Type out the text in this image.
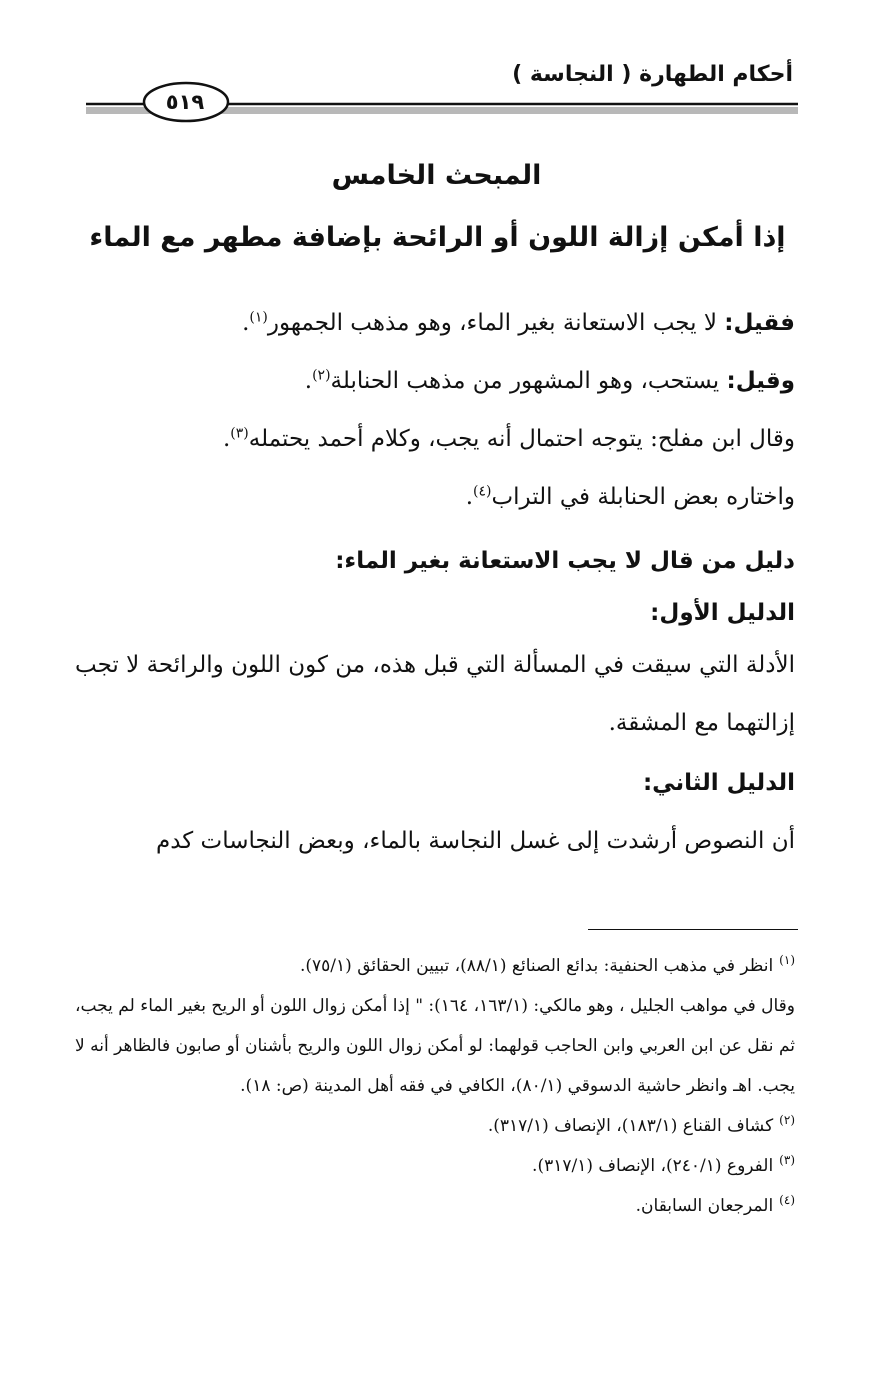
أحكام الطهارة ( النجاسة )
٥١٩
المبحث الخامس
إذا أمكن إزالة اللون أو الرائحة بإضافة مطهر مع الماء
فقيل: لا يجب الاستعانة بغير الماء، وهو مذهب الجمهور$^{(١)}$.
وقيل: يستحب، وهو المشهور من مذهب الحنابلة$^{(٢)}$.
وقال ابن مفلح: يتوجه احتمال أنه يجب، وكلام أحمد يحتمله$^{(٣)}$.
واختاره بعض الحنابلة في التراب$^{(٤)}$.
دليل من قال لا يجب الاستعانة بغير الماء:
الدليل الأول:
الأدلة التي سيقت في المسألة التي قبل هذه، من كون اللون والرائحة لا تجب إزالتهما مع المشقة.
الدليل الثاني:
أن النصوص أرشدت إلى غسل النجاسة بالماء، وبعض النجاسات كدم
$^{(١)}$انظر في مذهب الحنفية: بدائع الصنائع (٨٨/١)، تبيين الحقائق (٧٥/١).
وقال في مواهب الجليل ، وهو مالكي: (١٦٣/١، ١٦٤): " إذا أمكن زوال اللون أو الريح بغير الماء لم يجب، ثم نقل عن ابن العربي وابن الحاجب قولهما: لو أمكن زوال اللون والريح بأشنان أو صابون فالظاهر أنه لا يجب. اهـ وانظر حاشية الدسوقي (٨٠/١)، الكافي في فقه أهل المدينة (ص: ١٨).
$^{(٢)}$كشاف القناع (١٨٣/١)، الإنصاف (٣١٧/١).
$^{(٣)}$الفروع (٢٤٠/١)، الإنصاف (٣١٧/١).
$^{(٤)}$المرجعان السابقان.
